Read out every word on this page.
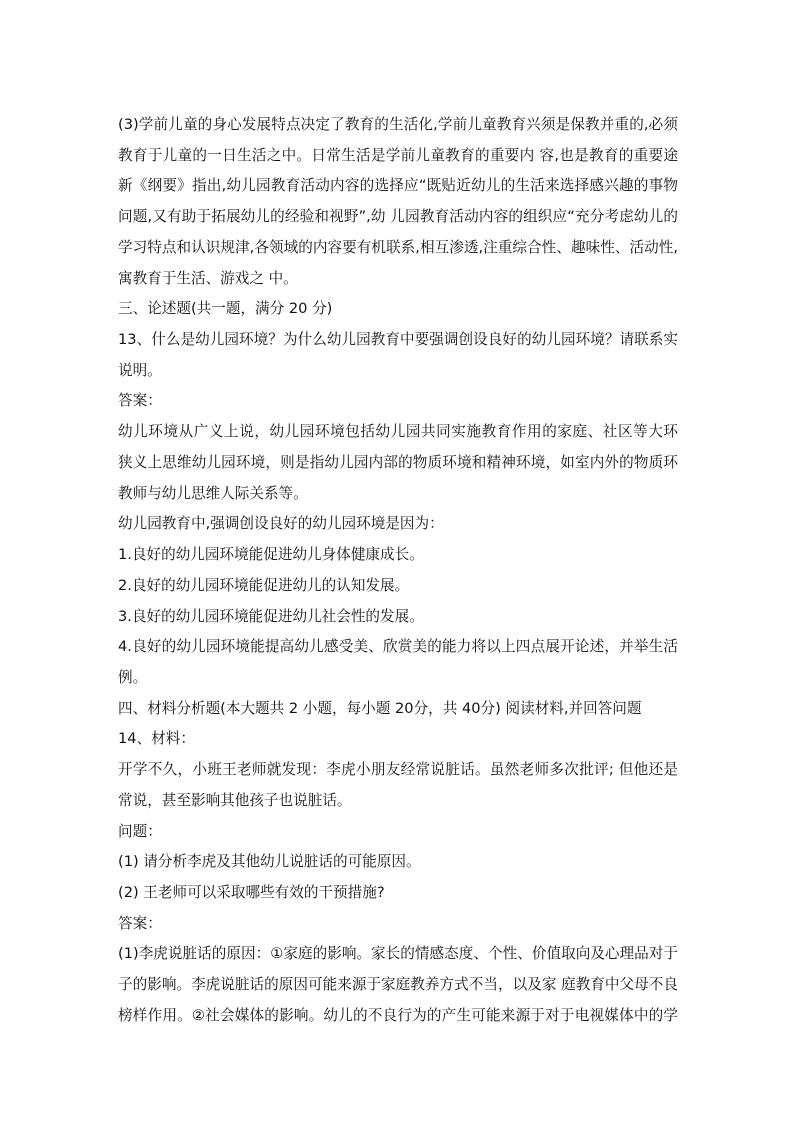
(3)学前儿童的身心发展特点决定了教育的生活化,学前儿童教育兴须是保教并重的,必须
教育于儿童的一日生活之中。日常生活是学前儿童教育的重要内 容,也是教育的重要途
新《纲要》指出,幼儿园教育活动内容的选择应“既贴近幼儿的生活来选择感兴趣的事物
问题,又有助于拓展幼儿的经验和视野”,幼 儿园教育活动内容的组织应“充分考虑幼儿的
学习特点和认识规津,各领域的内容要有机联系,相互渗透,注重综合性、趣味性、活动性,
寓教育于生活、游戏之 中。
三、论述题(共一题，满分 20 分)
13、什么是幼儿园环境？为什么幼儿园教育中要强调创设良好的幼儿园环境？请联系实
说明。
答案：
幼儿环境从广义上说，幼儿园环境包括幼儿园共同实施教育作用的家庭、社区等大环
狭义上思维幼儿园环境，则是指幼儿园内部的物质环境和精神环境，如室内外的物质环
教师与幼儿思维人际关系等。
幼儿园教育中,强调创设良好的幼儿园环境是因为：
1.良好的幼儿园环境能促进幼儿身体健康成长。
2.良好的幼儿园环境能促进幼儿的认知发展。
3.良好的幼儿园环境能促进幼儿社会性的发展。
4.良好的幼儿园环境能提高幼儿感受美、欣赏美的能力将以上四点展开论述，并举生活
例。
四、材料分析题(本大题共 2 小题，每小题 20分，共 40分) 阅读材料,并回答问题
14、材料：
开学不久，小班王老师就发现：李虎小朋友经常说脏话。虽然老师多次批评; 但他还是
常说，甚至影响其他孩子也说脏话。
问题：
(1) 请分析李虎及其他幼儿说脏话的可能原因。
(2) 王老师可以采取哪些有效的干预措施?
答案：
(1)李虎说脏话的原因：①家庭的影响。家长的情感态度、个性、价值取向及心理品对于
子的影响。李虎说脏话的原因可能来源于家庭教养方式不当，以及家 庭教育中父母不良
榜样作用。②社会媒体的影响。幼儿的不良行为的产生可能来源于对于电视媒体中的学
